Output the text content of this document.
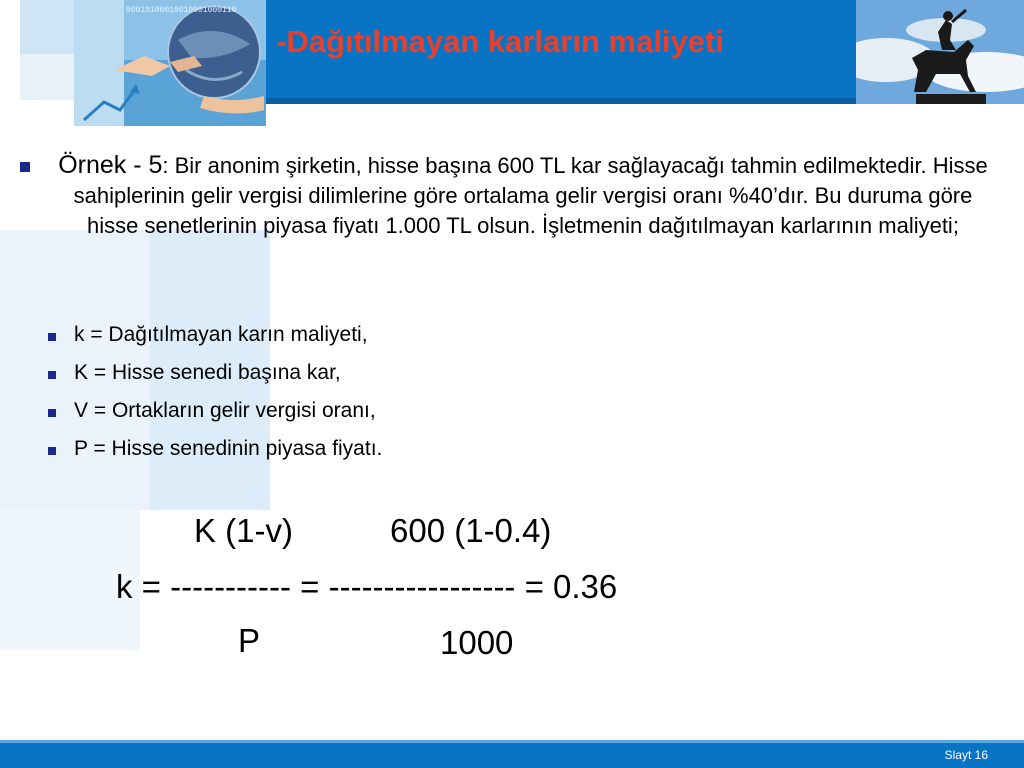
00010100010010001000110
-Dağıtılmayan karların maliyeti
Örnek - 5: Bir anonim şirketin, hisse başına 600 TL kar sağlayacağı tahmin edilmektedir. Hisse sahiplerinin gelir vergisi dilimlerine göre ortalama gelir vergisi oranı %40’dır. Bu duruma göre hisse senetlerinin piyasa fiyatı 1.000 TL olsun. İşletmenin dağıtılmayan karlarının maliyeti;
k = Dağıtılmayan karın maliyeti,
K = Hisse senedi başına kar,
V = Ortakların gelir vergisi oranı,
P = Hisse senedinin piyasa fiyatı.
K (1-v)	600 (1-0.4)
k = ----------- = ----------------- = 0.36
P	1000
Slayt 16
